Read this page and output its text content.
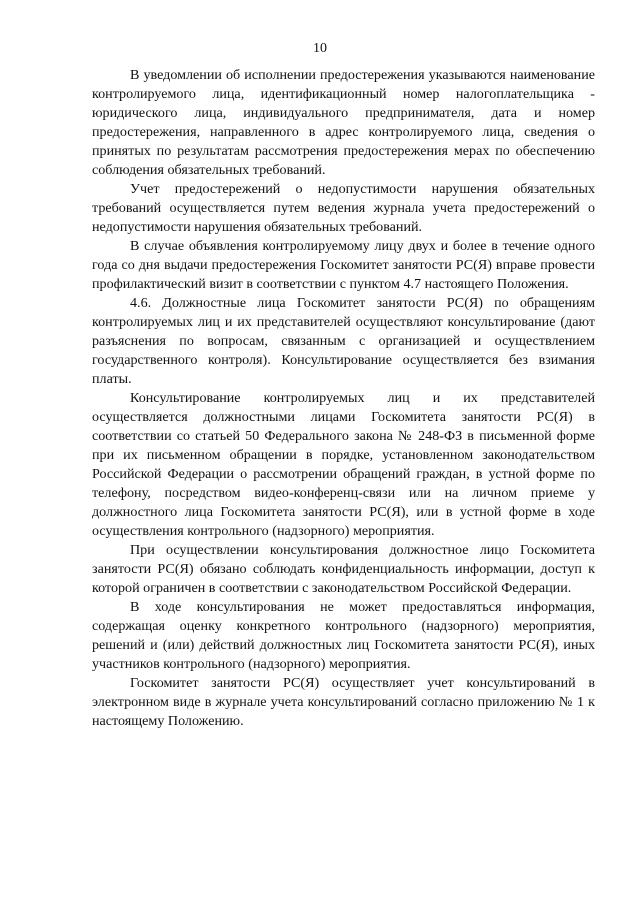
10

В уведомлении об исполнении предостережения указываются наименование контролируемого лица, идентификационный номер налогоплательщика - юридического лица, индивидуального предпринимателя, дата и номер предостережения, направленного в адрес контролируемого лица, сведения о принятых по результатам рассмотрения предостережения мерах по обеспечению соблюдения обязательных требований.

Учет предостережений о недопустимости нарушения обязательных требований осуществляется путем ведения журнала учета предостережений о недопустимости нарушения обязательных требований.

В случае объявления контролируемому лицу двух и более в течение одного года со дня выдачи предостережения Госкомитет занятости РС(Я) вправе провести профилактический визит в соответствии с пунктом 4.7 настоящего Положения.

4.6. Должностные лица Госкомитет занятости РС(Я) по обращениям контролируемых лиц и их представителей осуществляют консультирование (дают разъяснения по вопросам, связанным с организацией и осуществлением государственного контроля). Консультирование осуществляется без взимания платы.

Консультирование контролируемых лиц и их представителей осуществляется должностными лицами Госкомитета занятости РС(Я) в соответствии со статьей 50 Федерального закона № 248-ФЗ в письменной форме при их письменном обращении в порядке, установленном законодательством Российской Федерации о рассмотрении обращений граждан, в устной форме по телефону, посредством видео-конференц-связи или на личном приеме у должностного лица Госкомитета занятости РС(Я), или в устной форме в ходе осуществления контрольного (надзорного) мероприятия.

При осуществлении консультирования должностное лицо Госкомитета занятости РС(Я) обязано соблюдать конфиденциальность информации, доступ к которой ограничен в соответствии с законодательством Российской Федерации.

В ходе консультирования не может предоставляться информация, содержащая оценку конкретного контрольного (надзорного) мероприятия, решений и (или) действий должностных лиц Госкомитета занятости РС(Я), иных участников контрольного (надзорного) мероприятия.

Госкомитет занятости РС(Я) осуществляет учет консультирований в электронном виде в журнале учета консультирований согласно приложению № 1 к настоящему Положению.
